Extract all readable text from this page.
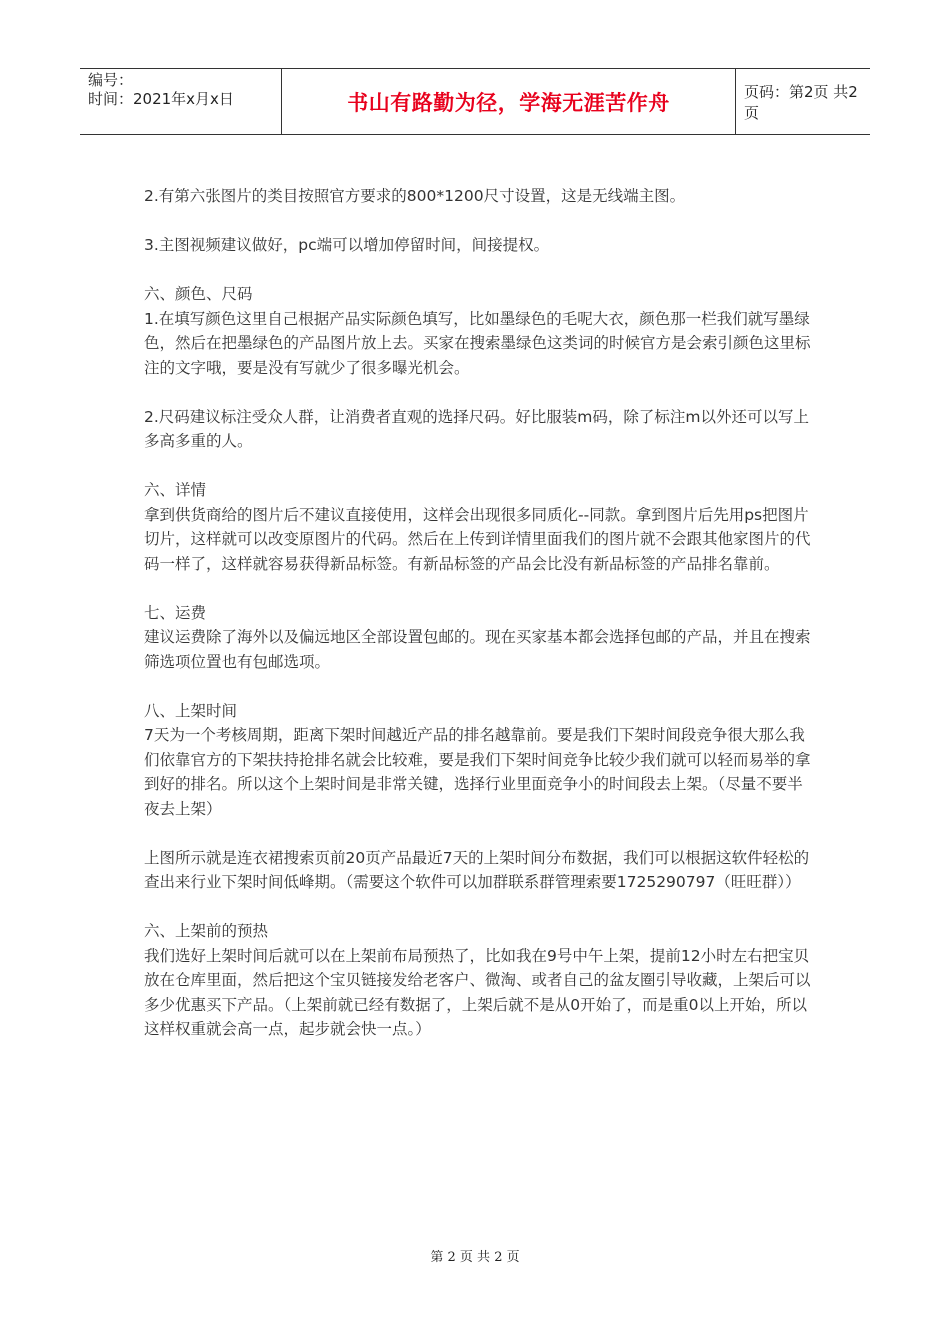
编号：
时间：2021年x月x日	书山有路勤为径，学海无涯苦作舟	页码：第2页 共2页

2.有第六张图片的类目按照官方要求的800*1200尺寸设置，这是无线端主图。

3.主图视频建议做好，pc端可以增加停留时间，间接提权。

六、颜色、尺码
1.在填写颜色这里自己根据产品实际颜色填写，比如墨绿色的毛呢大衣，颜色那一栏我们就写墨绿色，然后在把墨绿色的产品图片放上去。买家在搜索墨绿色这类词的时候官方是会索引颜色这里标注的文字哦，要是没有写就少了很多曝光机会。

2.尺码建议标注受众人群，让消费者直观的选择尺码。好比服装m码，除了标注m以外还可以写上多高多重的人。

六、详情
拿到供货商给的图片后不建议直接使用，这样会出现很多同质化--同款。拿到图片后先用ps把图片切片，这样就可以改变原图片的代码。然后在上传到详情里面我们的图片就不会跟其他家图片的代码一样了，这样就容易获得新品标签。有新品标签的产品会比没有新品标签的产品排名靠前。

七、运费
建议运费除了海外以及偏远地区全部设置包邮的。现在买家基本都会选择包邮的产品，并且在搜索筛选项位置也有包邮选项。

八、上架时间
7天为一个考核周期，距离下架时间越近产品的排名越靠前。要是我们下架时间段竞争很大那么我们依靠官方的下架扶持抢排名就会比较难，要是我们下架时间竞争比较少我们就可以轻而易举的拿到好的排名。所以这个上架时间是非常关键，选择行业里面竞争小的时间段去上架。（尽量不要半夜去上架）

上图所示就是连衣裙搜索页前20页产品最近7天的上架时间分布数据，我们可以根据这软件轻松的查出来行业下架时间低峰期。（需要这个软件可以加群联系群管理索要1725290797（旺旺群））

六、上架前的预热
我们选好上架时间后就可以在上架前布局预热了，比如我在9号中午上架，提前12小时左右把宝贝放在仓库里面，然后把这个宝贝链接发给老客户、微淘、或者自己的盆友圈引导收藏，上架后可以多少优惠买下产品。（上架前就已经有数据了，上架后就不是从0开始了，而是重0以上开始，所以这样权重就会高一点，起步就会快一点。）

第 2 页 共 2 页
